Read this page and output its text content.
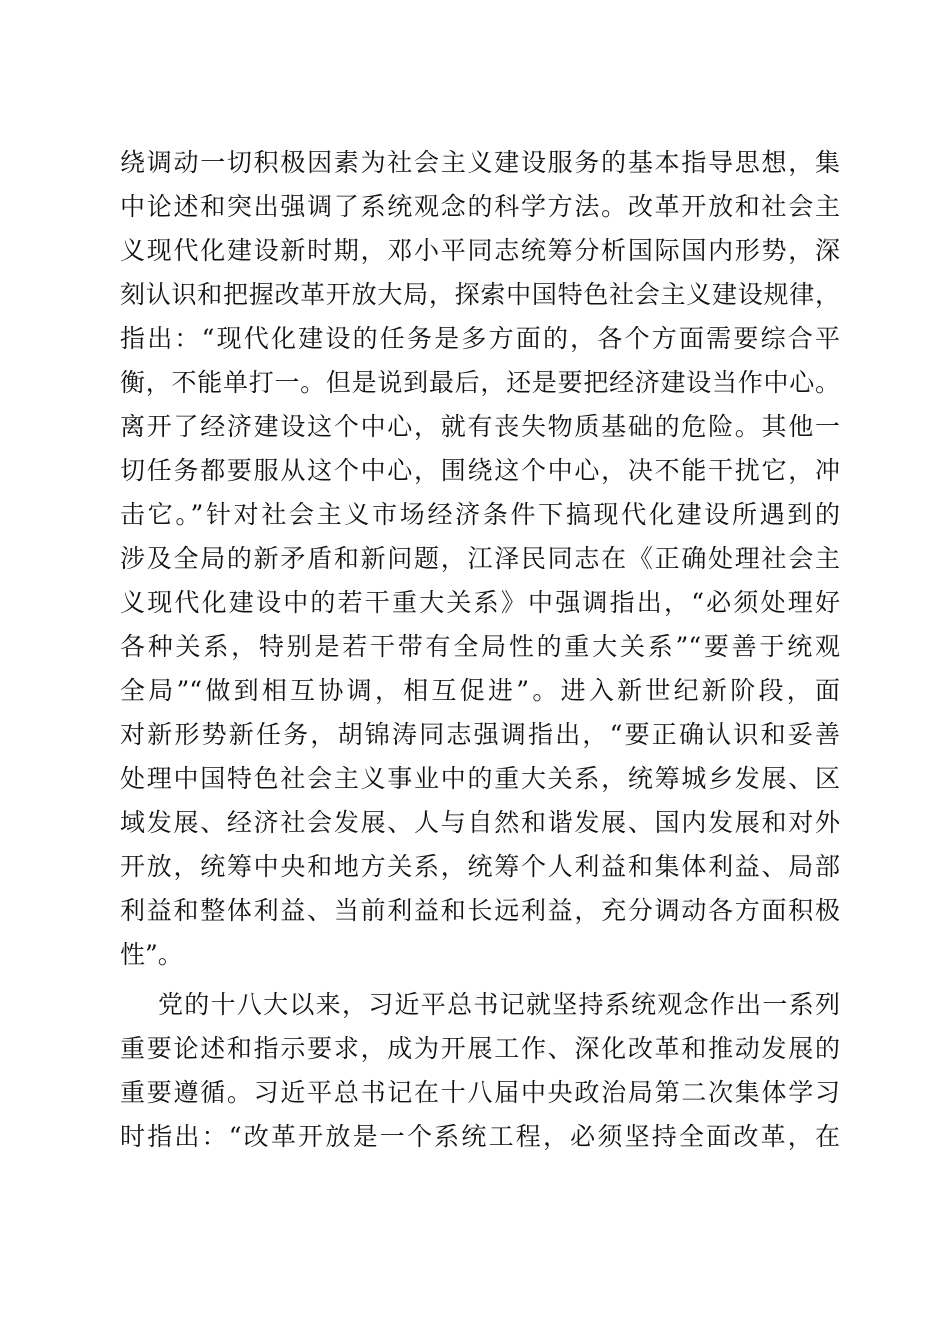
绕调动一切积极因素为社会主义建设服务的基本指导思想，集
中论述和突出强调了系统观念的科学方法。改革开放和社会主
义现代化建设新时期，邓小平同志统筹分析国际国内形势，深
刻认识和把握改革开放大局，探索中国特色社会主义建设规律，
指出：“现代化建设的任务是多方面的，各个方面需要综合平
衡，不能单打一。但是说到最后，还是要把经济建设当作中心。
离开了经济建设这个中心，就有丧失物质基础的危险。其他一
切任务都要服从这个中心，围绕这个中心，决不能干扰它，冲
击它。”针对社会主义市场经济条件下搞现代化建设所遇到的
涉及全局的新矛盾和新问题，江泽民同志在《正确处理社会主
义现代化建设中的若干重大关系》中强调指出，“必须处理好
各种关系，特别是若干带有全局性的重大关系”“要善于统观
全局”“做到相互协调，相互促进”。进入新世纪新阶段，面
对新形势新任务，胡锦涛同志强调指出，“要正确认识和妥善
处理中国特色社会主义事业中的重大关系，统筹城乡发展、区
域发展、经济社会发展、人与自然和谐发展、国内发展和对外
开放，统筹中央和地方关系，统筹个人利益和集体利益、局部
利益和整体利益、当前利益和长远利益，充分调动各方面积极
性”。
党的十八大以来，习近平总书记就坚持系统观念作出一系列
重要论述和指示要求，成为开展工作、深化改革和推动发展的
重要遵循。习近平总书记在十八届中央政治局第二次集体学习
时指出：“改革开放是一个系统工程，必须坚持全面改革，在
